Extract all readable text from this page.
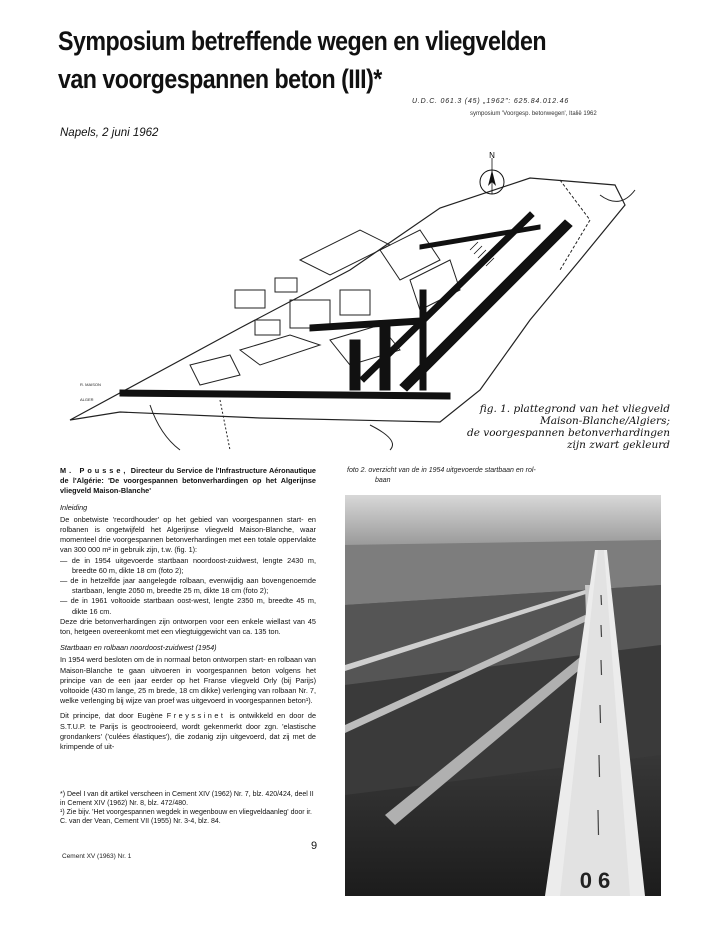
Symposium betreffende wegen en vliegvelden
van voorgespannen beton (III)*
U.D.C. 061.3 (45) „1962": 625.84.012.46
symposium 'Voorgesp. betonwegen', Italië 1962
Napels, 2 juni 1962
N
R. MAISON
ALGER
fig. 1. plattegrond van het vliegveld
Maison-Blanche/Algiers;
de voorgespannen betonverhardingen
zijn zwart gekleurd

M. Pousse, Directeur du Service de l'Infrastructure Aéronautique de l'Algérie: 'De voorgespannen betonverhardingen op het Algerijnse vliegveld Maison-Blanche'

Inleiding

De onbetwiste 'recordhouder' op het gebied van voorgespannen start- en rolbanen is ongetwijfeld het Algerijnse vliegveld Maison-Blanche, waar momenteel drie voorgespannen betonverhardingen met een totale oppervlakte van 300 000 m² in gebruik zijn, t.w. (fig. 1):

— de in 1954 uitgevoerde startbaan noordoost-zuidwest, lengte 2430 m, breedte 60 m, dikte 18 cm (foto 2);

— de in hetzelfde jaar aangelegde rolbaan, evenwijdig aan bovengenoemde startbaan, lengte 2050 m, breedte 25 m, dikte 18 cm (foto 2);

— de in 1961 voltooide startbaan oost-west, lengte 2350 m, breedte 45 m, dikte 16 cm.

Deze drie betonverhardingen zijn ontworpen voor een enkele wiellast van 45 ton, hetgeen overeenkomt met een vliegtuiggewicht van ca. 135 ton.

Startbaan en rolbaan noordoost-zuidwest (1954)

In 1954 werd besloten om de in normaal beton ontworpen start- en rolbaan van Maison-Blanche te gaan uitvoeren in voorgespannen beton volgens het principe van de een jaar eerder op het Franse vliegveld Orly (bij Parijs) voltooide (430 m lange, 25 m brede, 18 cm dikke) verlenging van rolbaan Nr. 7, welke verlenging bij wijze van proef was uitgevoerd in voorgespannen beton¹).

Dit principe, dat door Eugène Freyssinet is ontwikkeld en door de S.T.U.P. te Parijs is geoctrooieerd, wordt gekenmerkt door zgn. 'elastische grondankers' ('culées élastiques'), die zodanig zijn uitgevoerd, dat zij met de krimpende of uit-

*) Deel I van dit artikel verscheen in Cement XIV (1962) Nr. 7, blz. 420/424, deel II in Cement XIV (1962) Nr. 8, blz. 472/480.

¹) Zie bijv. 'Het voorgespannen wegdek in wegenbouw en vliegveldaanleg' door ir. C. van der Vean, Cement VII (1955) Nr. 3-4, blz. 84.

9
Cement XV (1963) Nr. 1
foto 2. overzicht van de in 1954 uitgevoerde startbaan en rol-
baan
0 6
